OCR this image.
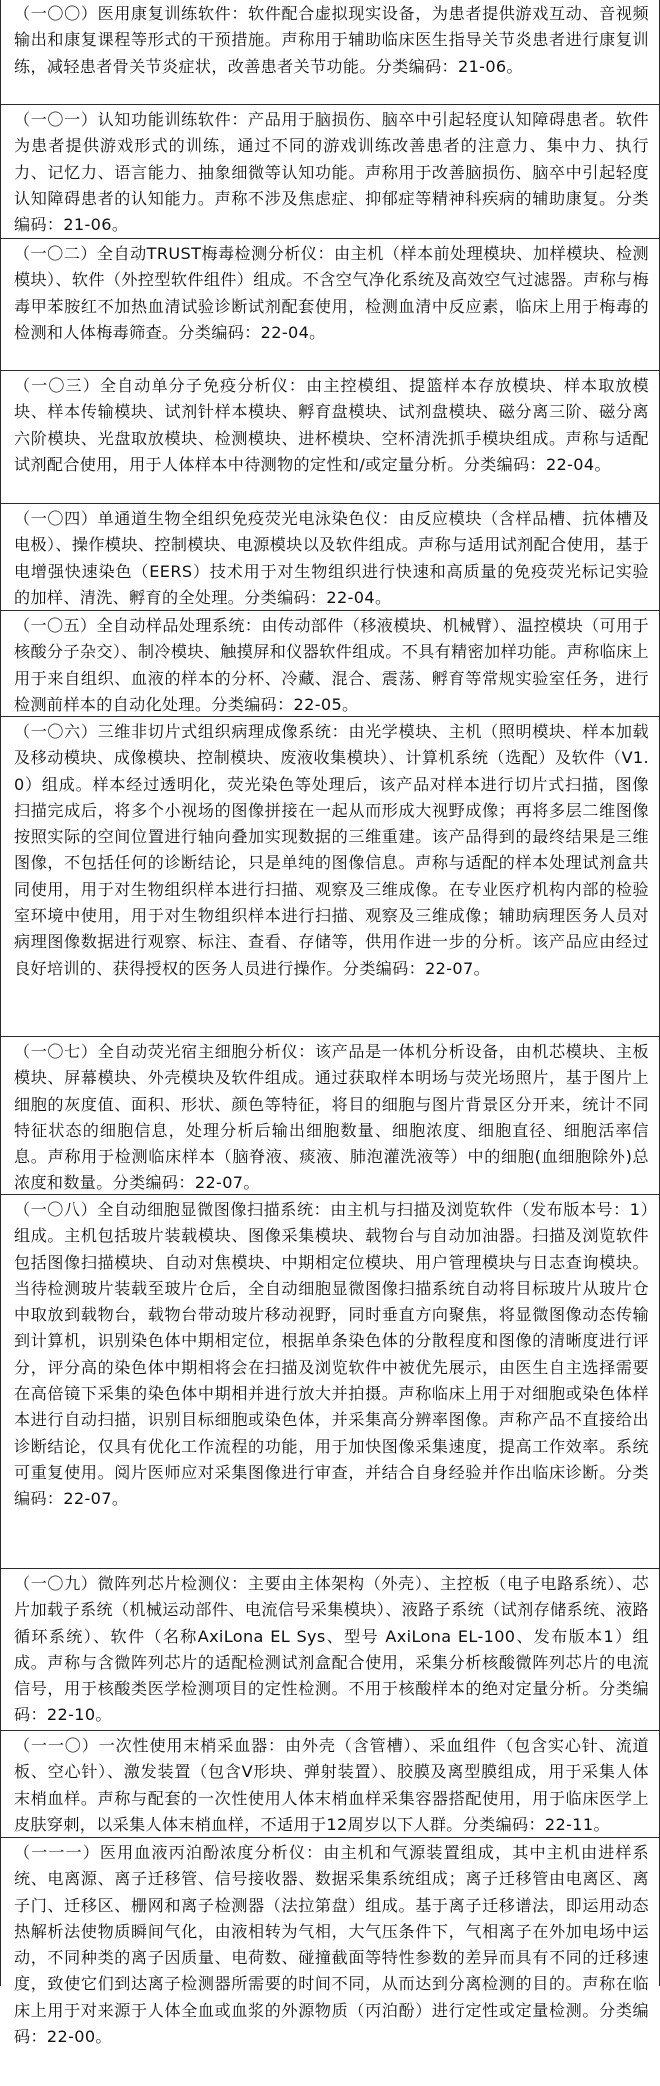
（一〇〇）医用康复训练软件：软件配合虚拟现实设备，为患者提供游戏互动、音视频输出和康复课程等形式的干预措施。声称用于辅助临床医生指导关节炎患者进行康复训练，减轻患者骨关节炎症状，改善患者关节功能。分类编码：21-06。

（一〇一）认知功能训练软件：产品用于脑损伤、脑卒中引起轻度认知障碍患者。软件为患者提供游戏形式的训练，通过不同的游戏训练改善患者的注意力、集中力、执行力、记忆力、语言能力、抽象细微等认知功能。声称用于改善脑损伤、脑卒中引起轻度认知障碍患者的认知能力。声称不涉及焦虑症、抑郁症等精神科疾病的辅助康复。分类编码：21-06。

（一〇二）全自动TRUST梅毒检测分析仪：由主机（样本前处理模块、加样模块、检测模块）、软件（外控型软件组件）组成。不含空气净化系统及高效空气过滤器。声称与梅毒甲苯胺红不加热血清试验诊断试剂配套使用，检测血清中反应素，临床上用于梅毒的检测和人体梅毒筛查。分类编码：22-04。

（一〇三）全自动单分子免疫分析仪：由主控模组、提篮样本存放模块、样本取放模块、样本传输模块、试剂针样本模块、孵育盘模块、试剂盘模块、磁分离三阶、磁分离六阶模块、光盘取放模块、检测模块、进杯模块、空杯清洗抓手模块组成。声称与适配试剂配合使用，用于人体样本中待测物的定性和/或定量分析。分类编码：22-04。

（一〇四）单通道生物全组织免疫荧光电泳染色仪：由反应模块（含样品槽、抗体槽及电极）、操作模块、控制模块、电源模块以及软件组成。声称与适用试剂配合使用，基于电增强快速染色（EERS）技术用于对生物组织进行快速和高质量的免疫荧光标记实验的加样、清洗、孵育的全处理。分类编码：22-04。

（一〇五）全自动样品处理系统：由传动部件（移液模块、机械臂）、温控模块（可用于核酸分子杂交）、制冷模块、触摸屏和仪器软件组成。不具有精密加样功能。声称临床上用于来自组织、血液的样本的分杯、冷藏、混合、震荡、孵育等常规实验室任务，进行检测前样本的自动化处理。分类编码：22-05。

（一〇六）三维非切片式组织病理成像系统：由光学模块、主机（照明模块、样本加载及移动模块、成像模块、控制模块、废液收集模块）、计算机系统（选配）及软件（V1.0）组成。样本经过透明化，荧光染色等处理后，该产品对样本进行切片式扫描，图像扫描完成后，将多个小视场的图像拼接在一起从而形成大视野成像；再将多层二维图像按照实际的空间位置进行轴向叠加实现数据的三维重建。该产品得到的最终结果是三维图像，不包括任何的诊断结论，只是单纯的图像信息。声称与适配的样本处理试剂盒共同使用，用于对生物组织样本进行扫描、观察及三维成像。在专业医疗机构内部的检验室环境中使用，用于对生物组织样本进行扫描、观察及三维成像；辅助病理医务人员对病理图像数据进行观察、标注、查看、存储等，供用作进一步的分析。该产品应由经过良好培训的、获得授权的医务人员进行操作。分类编码：22-07。

（一〇七）全自动荧光宿主细胞分析仪：该产品是一体机分析设备，由机芯模块、主板模块、屏幕模块、外壳模块及软件组成。通过获取样本明场与荧光场照片，基于图片上细胞的灰度值、面积、形状、颜色等特征，将目的细胞与图片背景区分开来，统计不同特征状态的细胞信息，处理分析后输出细胞数量、细胞浓度、细胞直径、细胞活率信息。声称用于检测临床样本（脑脊液、痰液、肺泡灌洗液等）中的细胞(血细胞除外)总浓度和数量。分类编码：22-07。

（一〇八）全自动细胞显微图像扫描系统：由主机与扫描及浏览软件（发布版本号：1）组成。主机包括玻片装载模块、图像采集模块、载物台与自动加油器。扫描及浏览软件包括图像扫描模块、自动对焦模块、中期相定位模块、用户管理模块与日志查询模块。当待检测玻片装载至玻片仓后，全自动细胞显微图像扫描系统自动将目标玻片从玻片仓中取放到载物台，载物台带动玻片移动视野，同时垂直方向聚焦，将显微图像动态传输到计算机，识别染色体中期相定位，根据单条染色体的分散程度和图像的清晰度进行评分，评分高的染色体中期相将会在扫描及浏览软件中被优先展示，由医生自主选择需要在高倍镜下采集的染色体中期相并进行放大并拍摄。声称临床上用于对细胞或染色体样本进行自动扫描，识别目标细胞或染色体，并采集高分辨率图像。声称产品不直接给出诊断结论，仅具有优化工作流程的功能，用于加快图像采集速度，提高工作效率。系统可重复使用。阅片医师应对采集图像进行审查，并结合自身经验并作出临床诊断。分类编码：22-07。

（一〇九）微阵列芯片检测仪：主要由主体架构（外壳）、主控板（电子电路系统）、芯片加载子系统（机械运动部件、电流信号采集模块）、液路子系统（试剂存储系统、液路循环系统）、软件（名称AxiLona EL Sys、型号 AxiLona EL-100、发布版本1）组成。声称与含微阵列芯片的适配检测试剂盒配合使用，采集分析核酸微阵列芯片的电流信号，用于核酸类医学检测项目的定性检测。不用于核酸样本的绝对定量分析。分类编码：22-10。

（一一〇）一次性使用末梢采血器：由外壳（含管槽）、采血组件（包含实心针、流道板、空心针）、激发装置（包含V形块、弹射装置）、胶膜及离型膜组成，用于采集人体末梢血样。声称与配套的一次性使用人体末梢血样采集容器搭配使用，用于临床医学上皮肤穿刺，以采集人体末梢血样，不适用于12周岁以下人群。分类编码：22-11。

（一一一）医用血液丙泊酚浓度分析仪：由主机和气源装置组成，其中主机由进样系统、电离源、离子迁移管、信号接收器、数据采集系统组成；离子迁移管由电离区、离子门、迁移区、栅网和离子检测器（法拉第盘）组成。基于离子迁移谱法，即运用动态热解析法使物质瞬间气化，由液相转为气相，大气压条件下，气相离子在外加电场中运动，不同种类的离子因质量、电荷数、碰撞截面等特性参数的差异而具有不同的迁移速度，致使它们到达离子检测器所需要的时间不同，从而达到分离检测的目的。声称在临床上用于对来源于人体全血或血浆的外源物质（丙泊酚）进行定性或定量检测。分类编码：22-00。
